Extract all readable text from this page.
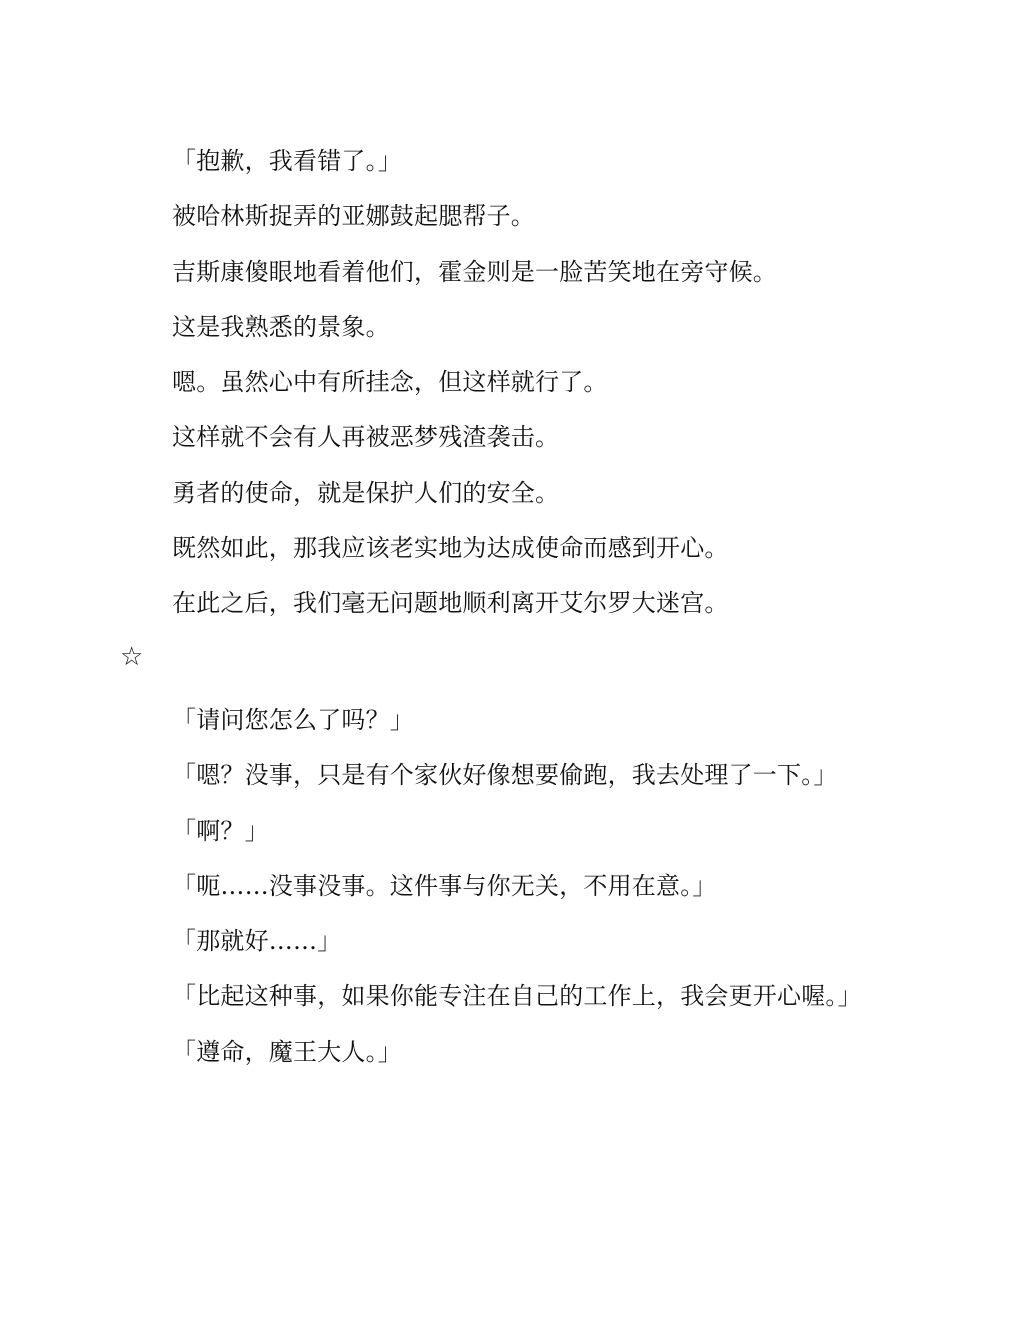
「抱歉，我看错了。」

被哈林斯捉弄的亚娜鼓起腮帮子。

吉斯康傻眼地看着他们，霍金则是一脸苦笑地在旁守候。

这是我熟悉的景象。

嗯。虽然心中有所挂念，但这样就行了。

这样就不会有人再被恶梦残渣袭击。

勇者的使命，就是保护人们的安全。

既然如此，那我应该老实地为达成使命而感到开心。

在此之后，我们毫无问题地顺利离开艾尔罗大迷宫。

☆

「请问您怎么了吗？」

「嗯？没事，只是有个家伙好像想要偷跑，我去处理了一下。」

「啊？」

「呃……没事没事。这件事与你无关，不用在意。」

「那就好……」

「比起这种事，如果你能专注在自己的工作上，我会更开心喔。」

「遵命，魔王大人。」
